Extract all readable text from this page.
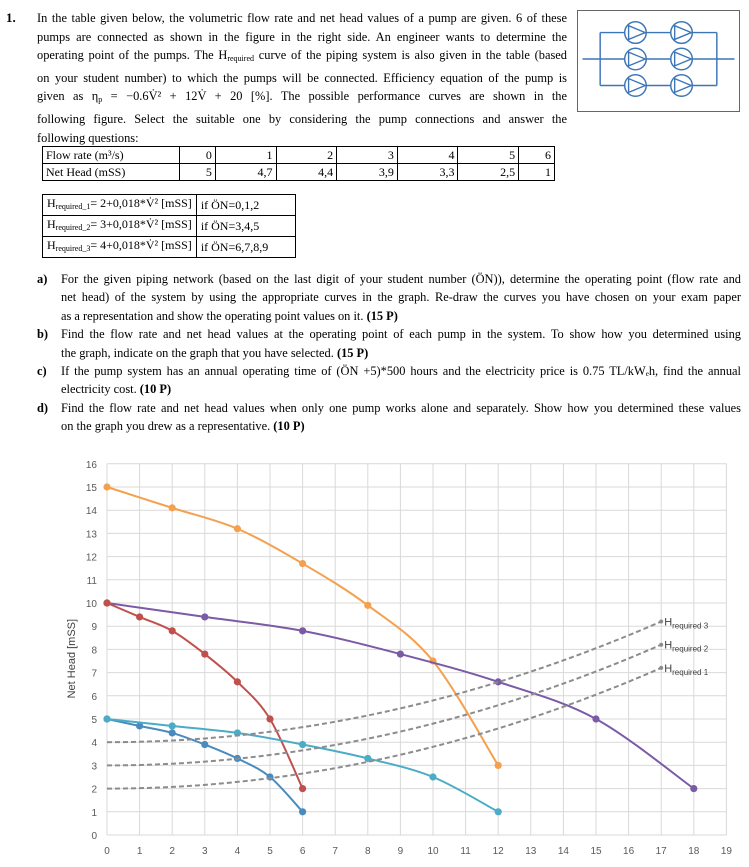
1. In the table given below, the volumetric flow rate and net head values of a pump are given. 6 of these
pumps are connected as shown in the figure in the right side. An engineer wants to determine the
operating point of the pumps. The $H_{required}$ curve of the piping system is also given in the table (based
on your student number) to which the pumps will be connected. Efficiency equation of the pump is
given as $\eta_p$ = −0.6V̇² + 12V̇ + 20 [%]. The possible performance curves are shown in the
following figure. Select the suitable one by considering the pump connections and answer the
following questions:
Flow rate (m³/s)	0	1	2	3	4	5	6
Net Head (mSS)	5	4,7	4,4	3,9	3,3	2,5	1
$H_{required\_1}=$ 2+0,018*V̇² [mSS]	if ÖN=0,1,2
$H_{required\_2}=$ 3+0,018*V̇² [mSS]	if ÖN=3,4,5
$H_{required\_3}=$ 4+0,018*V̇² [mSS]	if ÖN=6,7,8,9
a) For the given piping network (based on the last digit of your student number (ÖN)), determine the operating point (flow rate and
net head) of the system by using the appropriate curves in the graph. Re-draw the curves you have chosen on your exam paper
as a representation and show the operating point values on it. (15 P)
b) Find the flow rate and net head values at the operating point of each pump in the system. To show how you determined using
the graph, indicate on the graph that you have selected. (15 P)
c) If the pump system has an annual operating time of (ÖN +5)*500 hours and the electricity price is 0.75 TL/kWₑh, find the annual
electricity cost. (10 P)
d) Find the flow rate and net head values when only one pump works alone and separately. Show how you determined these values
on the graph you drew as a representative. (10 P)
0
1
2
3
4
5
6
7
8
9
10
11
12
13
14
15
16
0	1	2	3	4	5	6	7	8	9 10 11 12 13 14 15 16 17 18 19
Net Head [mSS]	$H_{required 3}$
$H_{required 2}$
$H_{required 1}$
